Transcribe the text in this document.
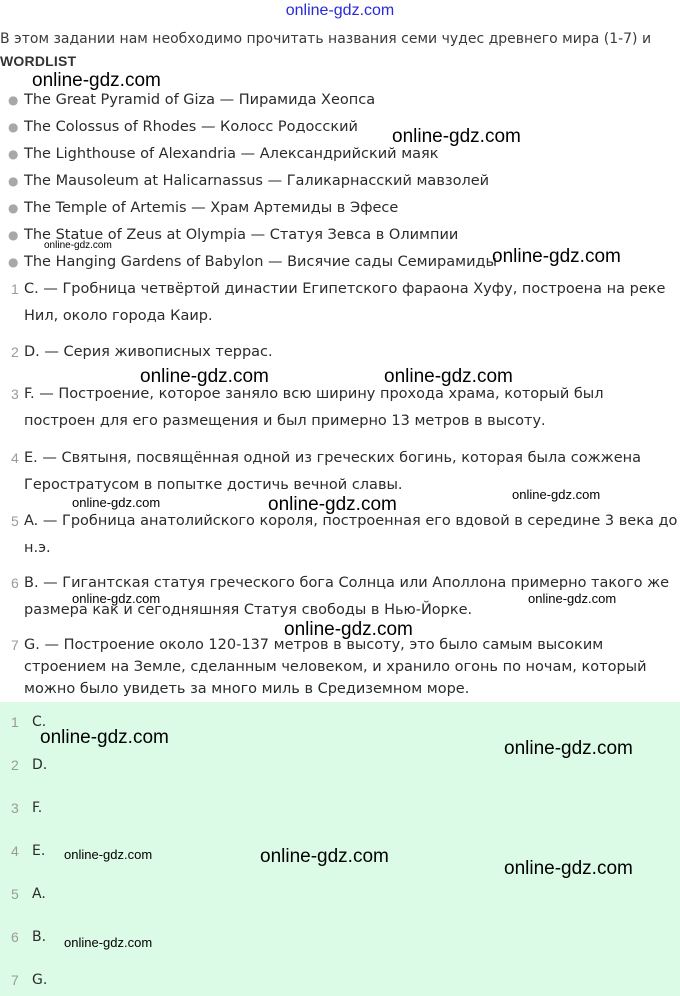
online-gdz.com
В этом задании нам необходимо прочитать названия семи чудес древнего мира (1-7) и
WORDLIST
● The Great Pyramid of Giza — Пирамида Хеопса
● The Colossus of Rhodes — Колосс Родосский
● The Lighthouse of Alexandria — Александрийский маяк
● The Mausoleum at Halicarnassus — Галикарнасский мавзолей
● The Temple of Artemis — Храм Артемиды в Эфесе
● The Statue of Zeus at Olympia — Статуя Зевса в Олимпии
● The Hanging Gardens of Babylon — Висячие сады Семирамиды
1 С. — Гробница четвёртой династии Египетского фараона Хуфу, построена на реке Нил, около города Каир.
2 D. — Серия живописных террас.
3 F. — Построение, которое заняло всю ширину прохода храма, который был построен для его размещения и был примерно 13 метров в высоту.
4 E. — Святыня, посвящённая одной из греческих богинь, которая была сожжена Геростратусом в попытке достичь вечной славы.
5 A. — Гробница анатолийского короля, построенная его вдовой в середине 3 века до н.э.
6 B. — Гигантская статуя греческого бога Солнца или Аполлона примерно такого же размера как и сегодняшняя Статуя свободы в Нью-Йорке.
7 G. — Построение около 120-137 метров в высоту, это было самым высоким строением на Земле, сделанным человеком, и хранило огонь по ночам, который можно было увидеть за много миль в Средиземном море.
1 C.
2 D.
3 F.
4 E.
5 A.
6 B.
7 G.
online-gdz.com
online-gdz.com
online-gdz.com
online-gdz.com
online-gdz.com	online-gdz.com
online-gdz.com	online-gdz.com	online-gdz.com
online-gdz.com	online-gdz.com
online-gdz.com
online-gdz.com
online-gdz.com
online-gdz.com	online-gdz.com
online-gdz.com
online-gdz.com
